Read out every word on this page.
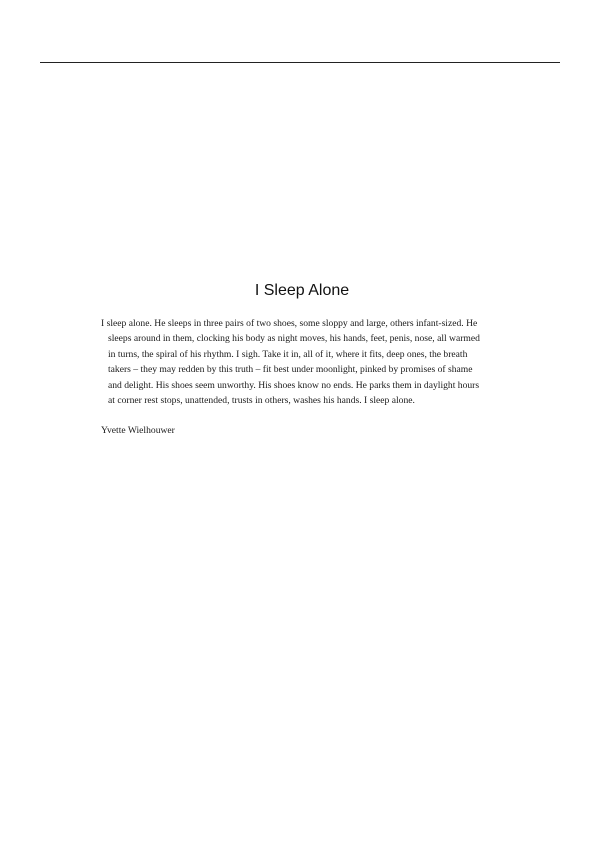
I Sleep Alone

I sleep alone. He sleeps in three pairs of two shoes, some sloppy and large, others infant-sized. He
sleeps around in them, clocking his body as night moves, his hands, feet, penis, nose, all warmed
in turns, the spiral of his rhythm. I sigh. Take it in, all of it, where it fits, deep ones, the breath
takers – they may redden by this truth – fit best under moonlight, pinked by promises of shame
and delight. His shoes seem unworthy. His shoes know no ends. He parks them in daylight hours
at corner rest stops, unattended, trusts in others, washes his hands. I sleep alone.

Yvette Wielhouwer
